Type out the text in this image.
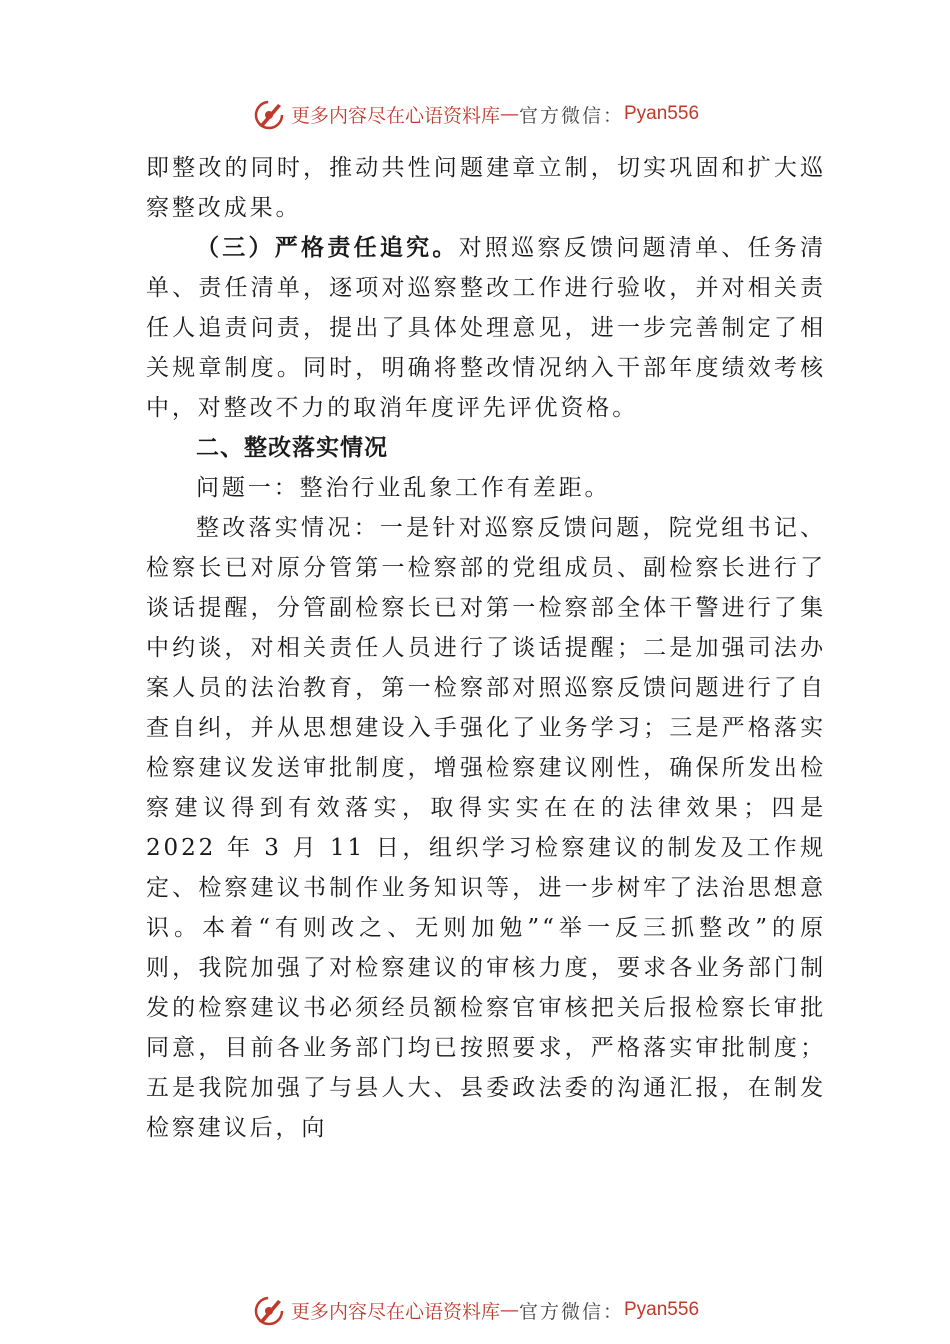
更多内容尽在心语资料库 — 官方微信： Pyan556

即整改的同时，推动共性问题建章立制，切实巩固和扩大巡察整改成果。

（三）严格责任追究。对照巡察反馈问题清单、任务清单、责任清单，逐项对巡察整改工作进行验收，并对相关责任人追责问责，提出了具体处理意见，进一步完善制定了相关规章制度。同时，明确将整改情况纳入干部年度绩效考核中，对整改不力的取消年度评先评优资格。

二、整改落实情况

问题一：整治行业乱象工作有差距。

整改落实情况：一是针对巡察反馈问题，院党组书记、检察长已对原分管第一检察部的党组成员、副检察长进行了谈话提醒，分管副检察长已对第一检察部全体干警进行了集中约谈，对相关责任人员进行了谈话提醒；二是加强司法办案人员的法治教育，第一检察部对照巡察反馈问题进行了自查自纠，并从思想建设入手强化了业务学习；三是严格落实检察建议发送审批制度，增强检察建议刚性，确保所发出检察建议得到有效落实，取得实实在在的法律效果；四是 2022 年 3 月 11 日，组织学习检察建议的制发及工作规定、检察建议书制作业务知识等，进一步树牢了法治思想意识。本着“有则改之、无则加勉”“举一反三抓整改”的原则，我院加强了对检察建议的审核力度，要求各业务部门制发的检察建议书必须经员额检察官审核把关后报检察长审批同意，目前各业务部门均已按照要求，严格落实审批制度；五是我院加强了与县人大、县委政法委的沟通汇报，在制发检察建议后，向

更多内容尽在心语资料库 — 官方微信： Pyan556
